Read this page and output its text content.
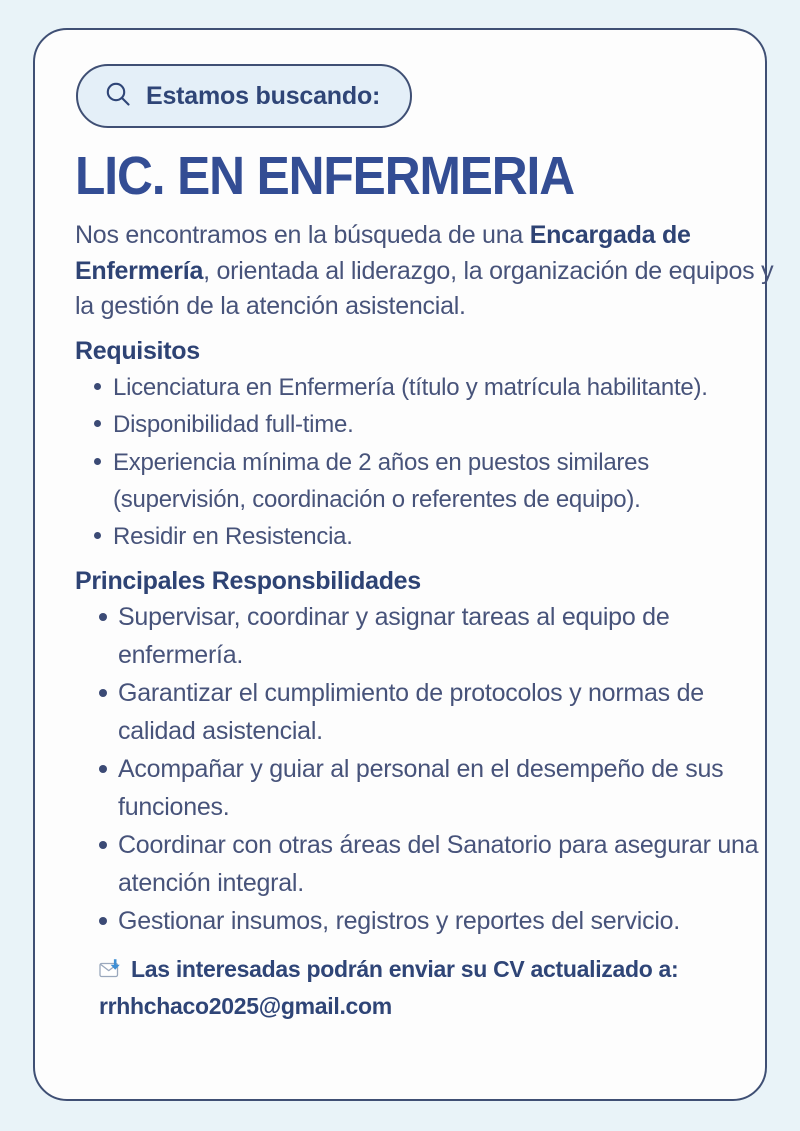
Estamos buscando:
LIC. EN ENFERMERIA

Nos encontramos en la búsqueda de una Encargada de Enfermería, orientada al liderazgo, la organización de equipos y la gestión de la atención asistencial.

Requisitos
Licenciatura en Enfermería (título y matrícula habilitante).
Disponibilidad full-time.
Experiencia mínima de 2 años en puestos similares (supervisión, coordinación o referentes de equipo).
Residir en Resistencia.
Principales Responsbilidades
Supervisar, coordinar y asignar tareas al equipo de enfermería.
Garantizar el cumplimiento de protocolos y normas de calidad asistencial.
Acompañar y guiar al personal en el desempeño de sus funciones.
Coordinar con otras áreas del Sanatorio para asegurar una atención integral.
Gestionar insumos, registros y reportes del servicio.
Las interesadas podrán enviar su CV actualizado a:
rrhhchaco2025@gmail.com
